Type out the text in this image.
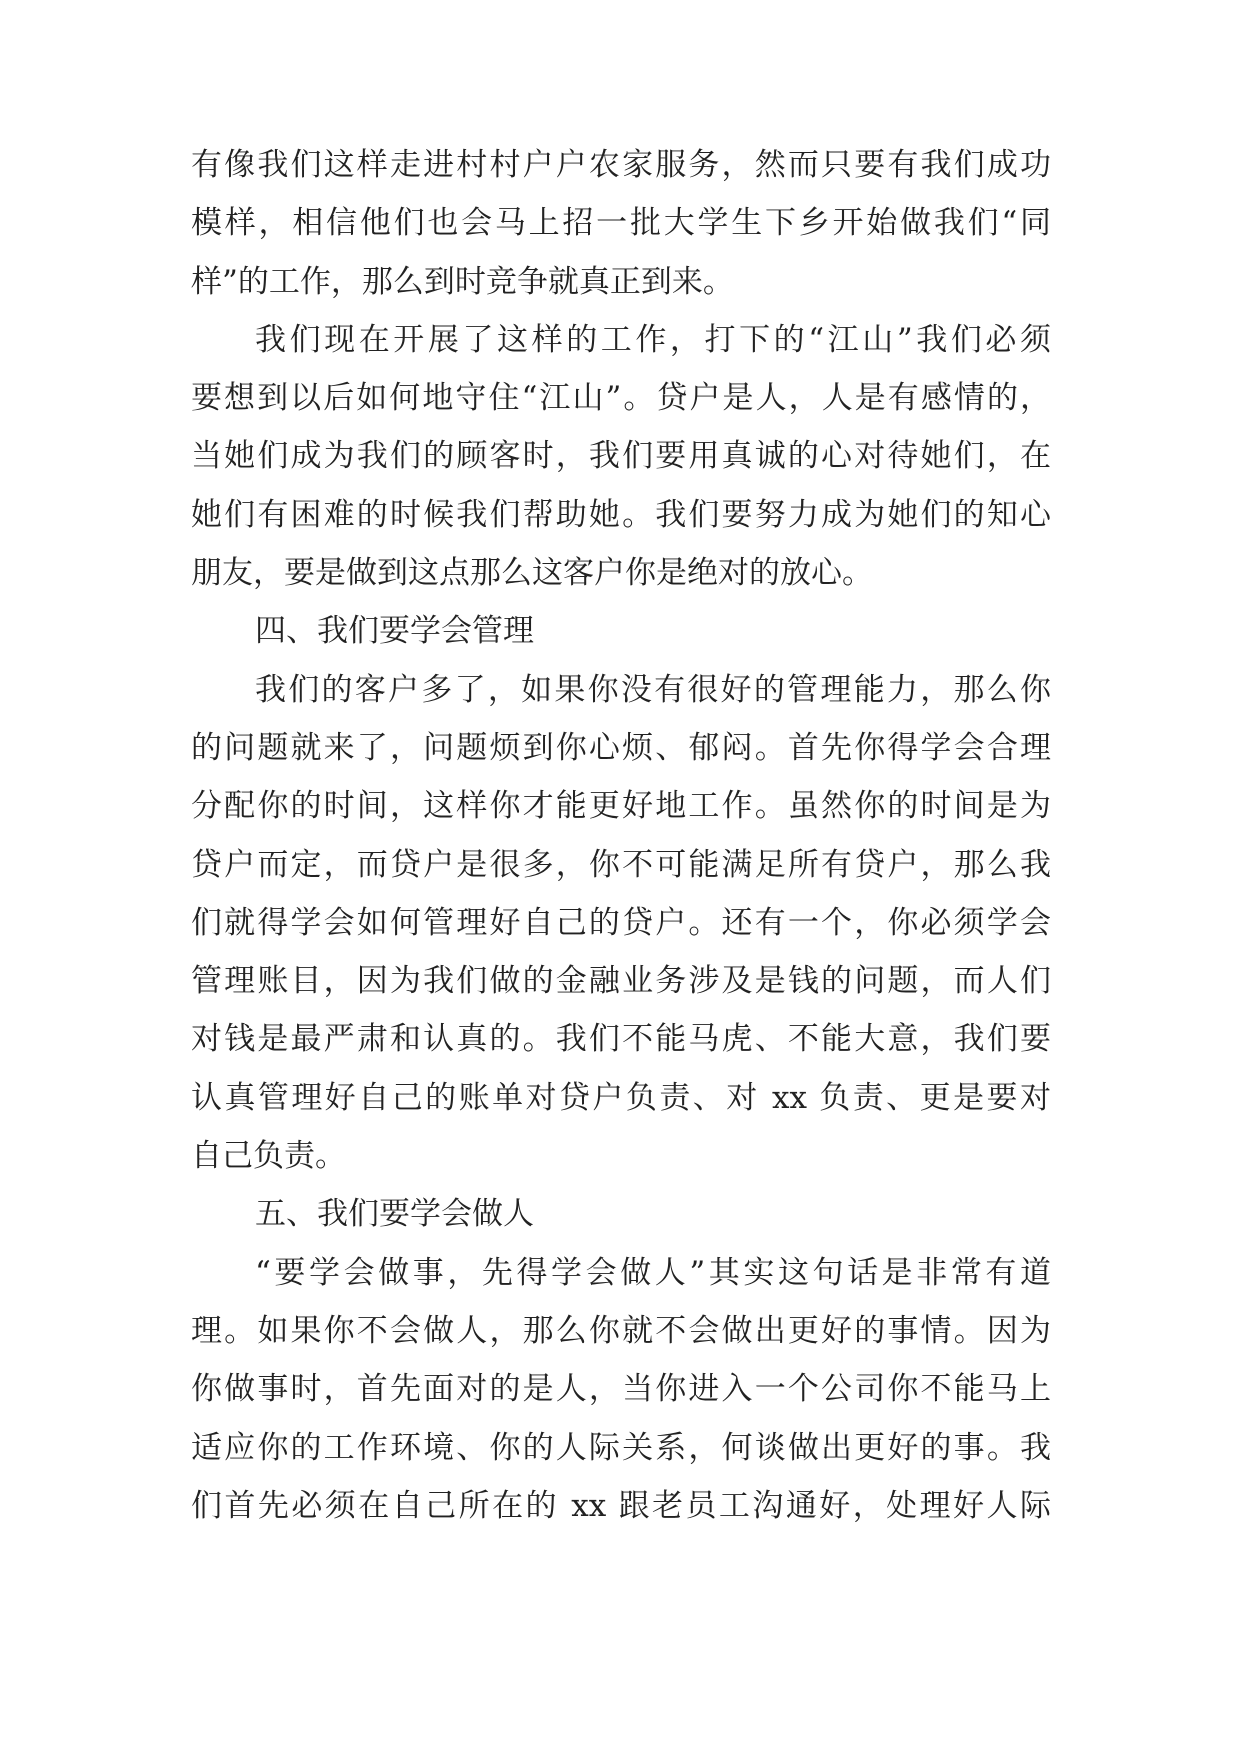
有像我们这样走进村村户户农家服务，然而只要有我们成功
模样，相信他们也会马上招一批大学生下乡开始做我们“同
样”的工作，那么到时竞争就真正到来。
我们现在开展了这样的工作，打下的“江山”我们必须
要想到以后如何地守住“江山”。贷户是人，人是有感情的，
当她们成为我们的顾客时，我们要用真诚的心对待她们，在
她们有困难的时候我们帮助她。我们要努力成为她们的知心
朋友，要是做到这点那么这客户你是绝对的放心。
四、我们要学会管理
我们的客户多了，如果你没有很好的管理能力，那么你
的问题就来了，问题烦到你心烦、郁闷。首先你得学会合理
分配你的时间，这样你才能更好地工作。虽然你的时间是为
贷户而定，而贷户是很多，你不可能满足所有贷户，那么我
们就得学会如何管理好自己的贷户。还有一个，你必须学会
管理账目，因为我们做的金融业务涉及是钱的问题，而人们
对钱是最严肃和认真的。我们不能马虎、不能大意，我们要
认真管理好自己的账单对贷户负责、对 xx 负责、更是要对
自己负责。
五、我们要学会做人
“要学会做事，先得学会做人”其实这句话是非常有道
理。如果你不会做人，那么你就不会做出更好的事情。因为
你做事时，首先面对的是人，当你进入一个公司你不能马上
适应你的工作环境、你的人际关系，何谈做出更好的事。我
们首先必须在自己所在的 xx 跟老员工沟通好，处理好人际
